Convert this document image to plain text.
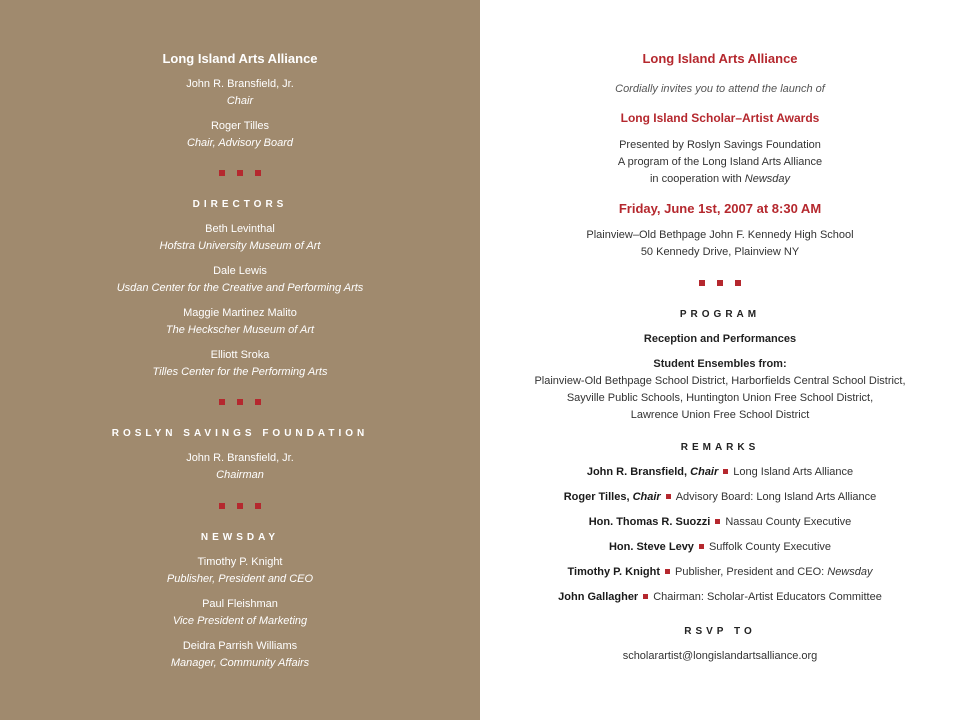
Long Island Arts Alliance
John R. Bransfield, Jr.
Chair
Roger Tilles
Chair, Advisory Board
DIRECTORS
Beth Levinthal
Hofstra University Museum of Art
Dale Lewis
Usdan Center for the Creative and Performing Arts
Maggie Martinez Malito
The Heckscher Museum of Art
Elliott Sroka
Tilles Center for the Performing Arts
ROSLYN SAVINGS FOUNDATION
John R. Bransfield, Jr.
Chairman
NEWSDAY
Timothy P. Knight
Publisher, President and CEO
Paul Fleishman
Vice President of Marketing
Deidra Parrish Williams
Manager, Community Affairs
Long Island Arts Alliance
Cordially invites you to attend the launch of
Long Island Scholar–Artist Awards
Presented by Roslyn Savings Foundation
A program of the Long Island Arts Alliance
in cooperation with Newsday
Friday, June 1st, 2007 at 8:30 AM
Plainview–Old Bethpage John F. Kennedy High School
50 Kennedy Drive, Plainview NY
PROGRAM
Reception and Performances
Student Ensembles from:
Plainview-Old Bethpage School District, Harborfields Central School District,
Sayville Public Schools, Huntington Union Free School District,
Lawrence Union Free School District
REMARKS
John R. Bransfield, Chair Long Island Arts Alliance
Roger Tilles, Chair Advisory Board: Long Island Arts Alliance
Hon. Thomas R. Suozzi Nassau County Executive
Hon. Steve Levy Suffolk County Executive
Timothy P. Knight Publisher, President and CEO: Newsday
John Gallagher Chairman: Scholar-Artist Educators Committee
RSVP TO
scholarartist@longislandartsalliance.org
